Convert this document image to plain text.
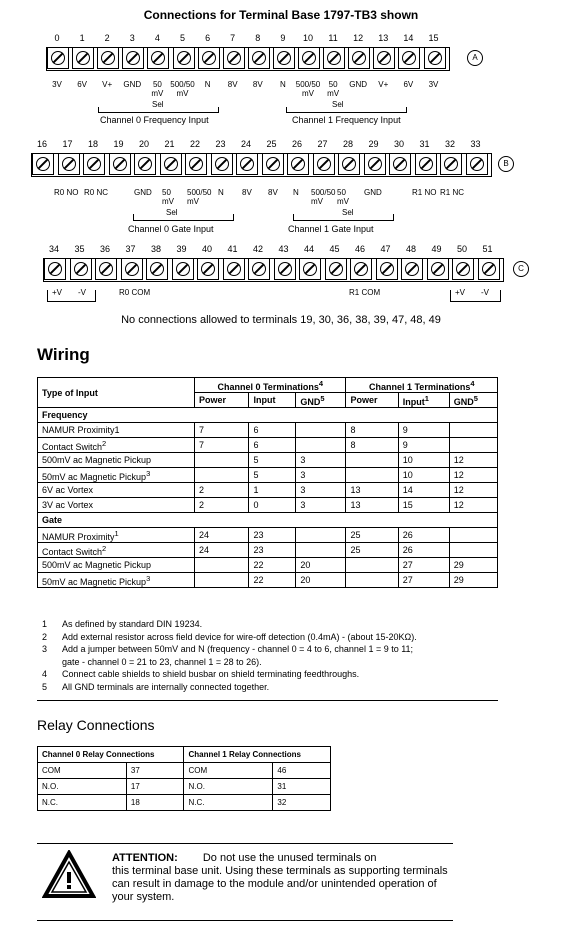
Connections for Terminal Base 1797-TB3 shown
A
0	1	2	3	4	5	6	7	8	9	10	11	12	13	14	15
3V	6V	V+	GND	50
mV
500/50
mV
N	8V	8V	N	500/50
mV
50
mV
GND	V+	6V	3V
Sel	Sel
Channel 0 Frequency Input	Channel 1 Frequency Input
B
16	17	18	19	20	21	22	23	24	25	26	27	28	29	30	31	32	33
R0 NO R0 NC	GND 50
mV
500/50
mV
N 8V 8V N 500/50
mV
50
mV
GND	R1 NO R1 NC
Sel	Sel
Channel 0 Gate Input	Channel 1 Gate Input
C
34	35	36	37	38	39	40	41	42	43	44	45	46	47	48	49	50	51
+V -V	R0 COM	R1 COM	+V -V
No connections allowed to terminals 19, 30, 36, 38, 39, 47, 48, 49
Wiring
Type of Input	Channel 0 Terminations$^4$			Channel 1 Terminations$^4$
	Power	Input	GND$^5$	Power	Input$^1$	GND$^5$
Frequency						
NAMUR Proximity1	7	6		8	9	
Contact Switch$^2$	7	6		8	9	
500mV ac Magnetic Pickup		5	3		10	12
50mV ac Magnetic Pickup$^3$		5	3		10	12
6V ac Vortex	2	1	3	13	14	12
3V ac Vortex	2	0	3	13	15	12
Gate						
NAMUR Proximity$^1$	24	23		25	26	
Contact Switch$^2$	24	23		25	26	
500mV ac Magnetic Pickup		22	20		27	29
50mV ac Magnetic Pickup$^3$		22	20		27	29
1 As defined by standard DIN 19234.
2 Add external resistor across field device for wire-off detection (0.4mA) - (about 15-20KΩ).
3 Add a jumper between 50mV and N (frequency - channel 0 = 4 to 6, channel 1 = 9 to 11;
gate - channel 0 = 21 to 23, channel 1 = 28 to 26).
4 Connect cable shields to shield busbar on shield terminating feedthroughs.
5 All GND terminals are internally connected together.
Relay Connections
Channel 0 Relay Connections		Channel 1 Relay Connections	
COM	37	COM	46
N.O.	17	N.O.	31
N.C.	18	N.C.	32
ATTENTION: Do not use the unused terminals on
this terminal base unit. Using these terminals as supporting terminals can result in damage to the module and/or unintended operation of your system.
